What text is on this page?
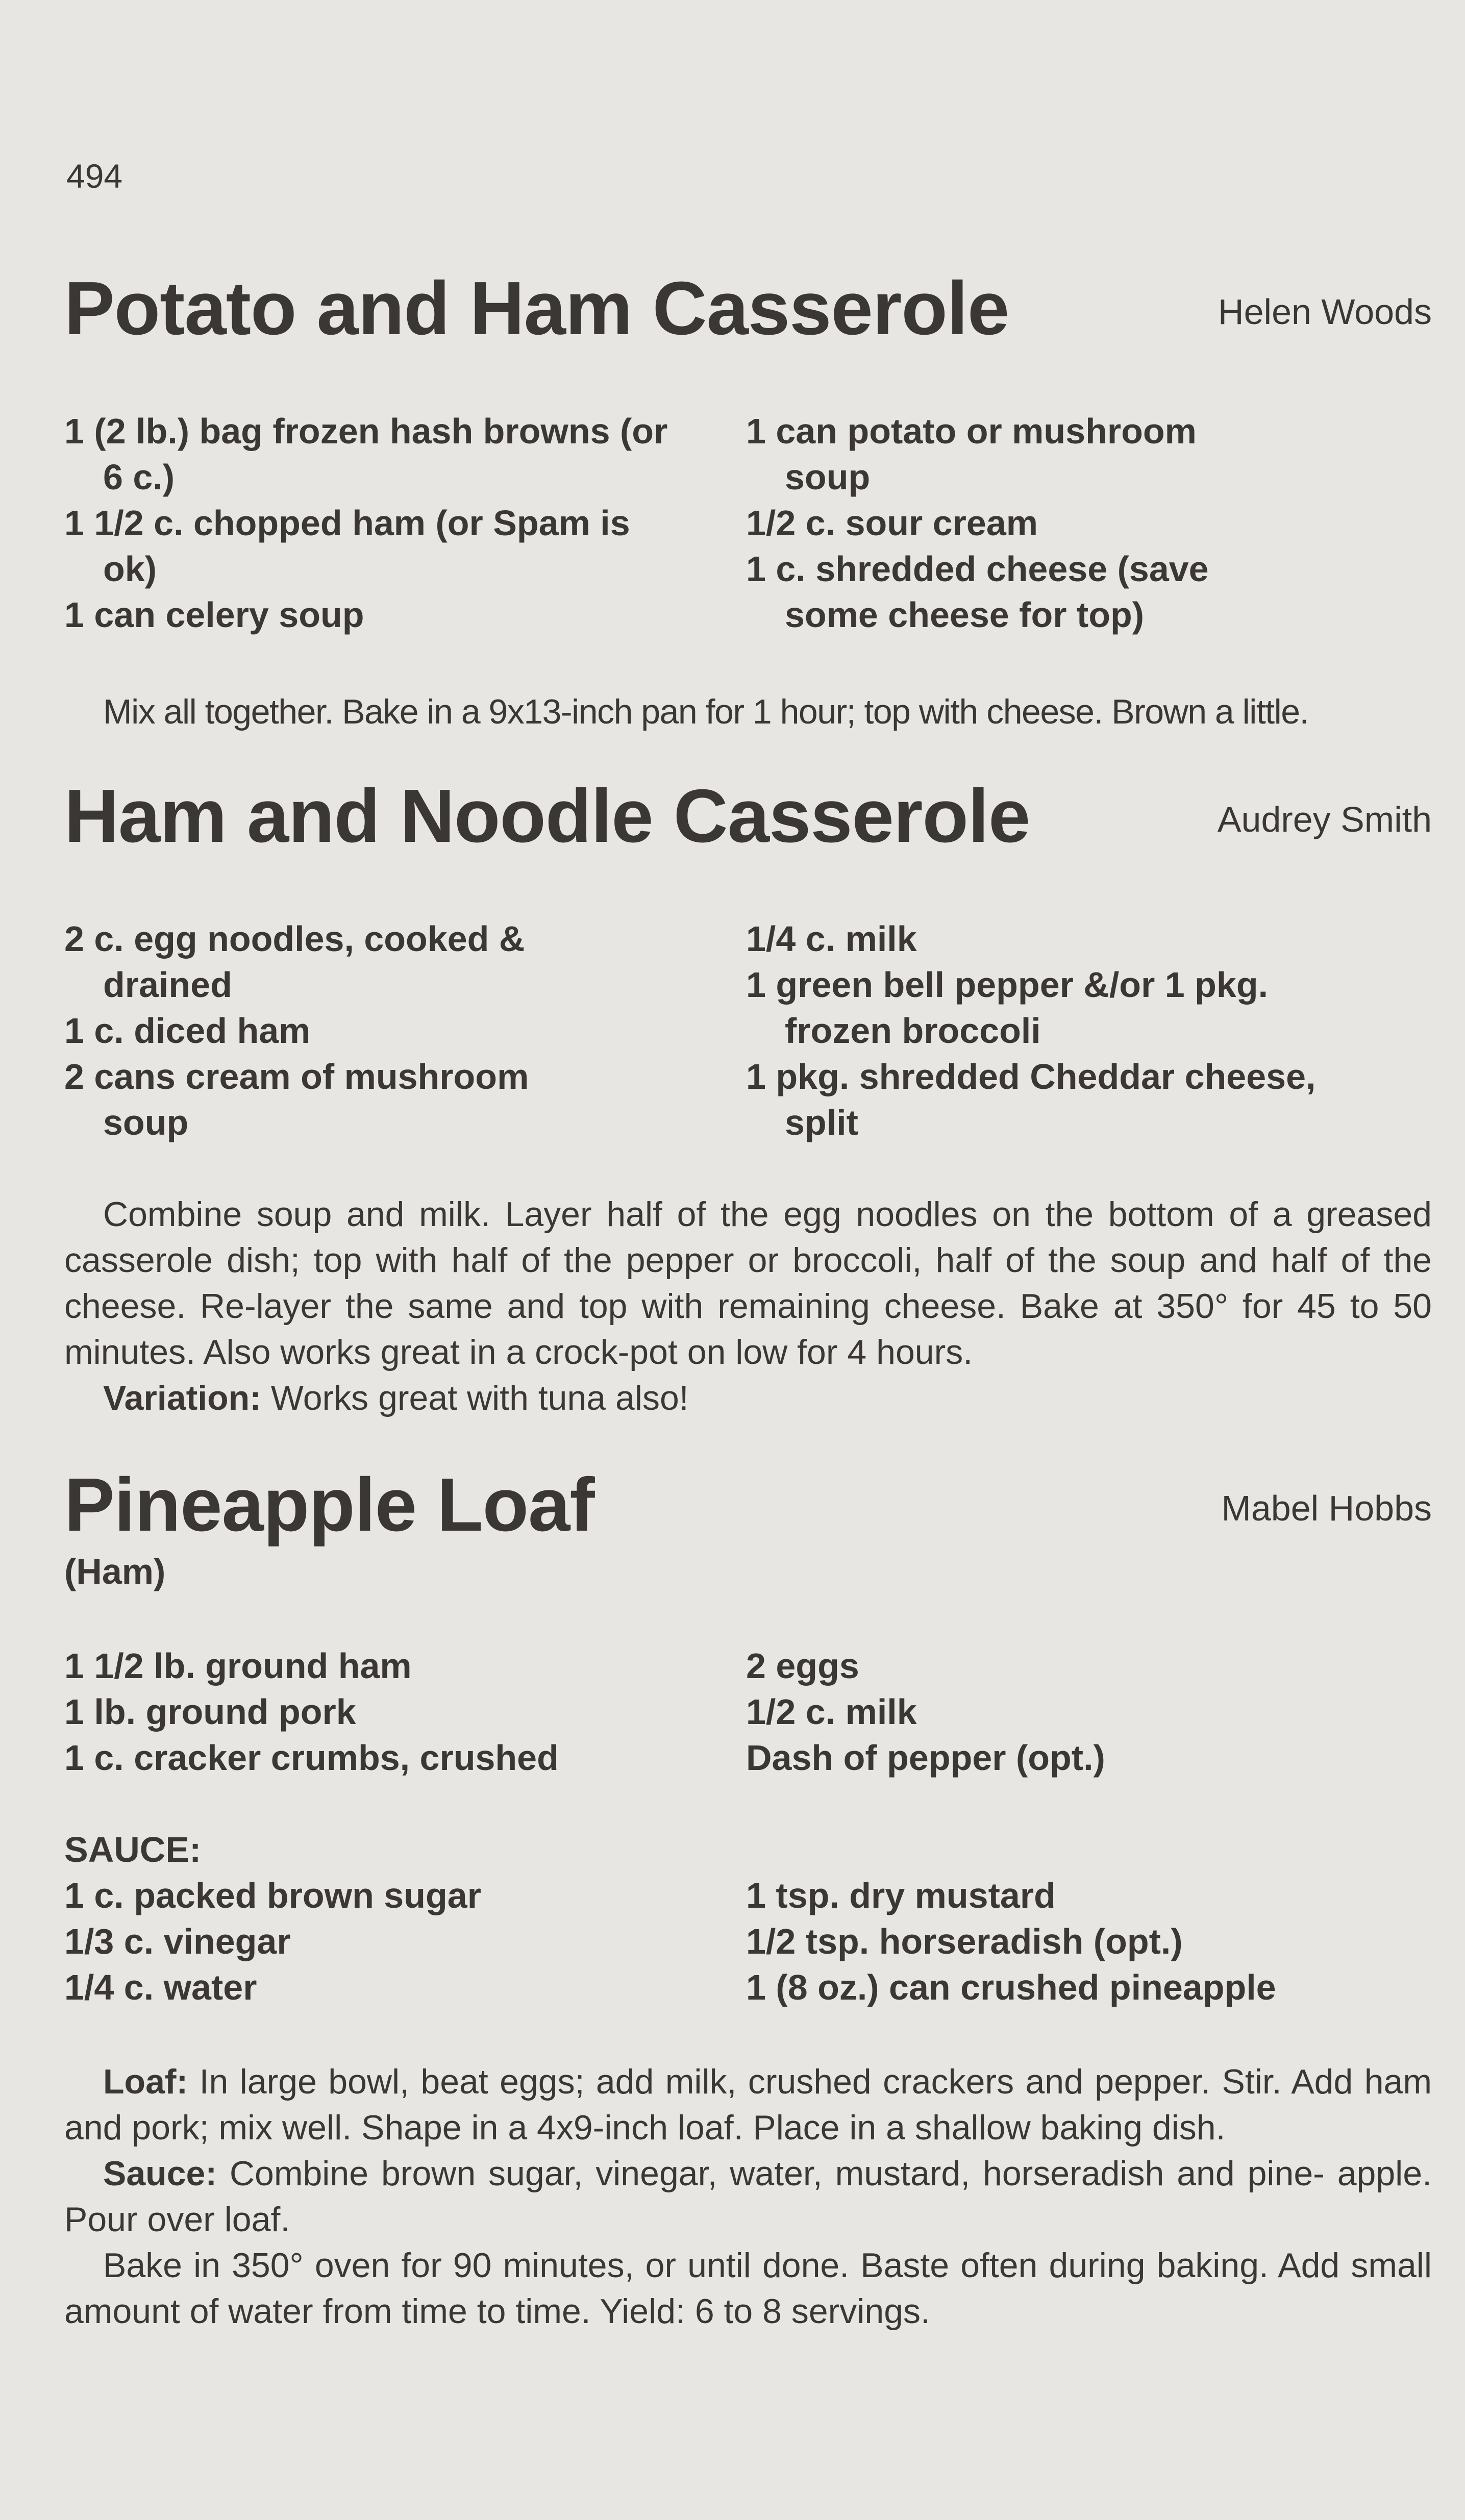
494
Potato and Ham Casserole	Helen Woods
1 (2 lb.) bag frozen hash browns (or 6 c.)
1 1/2 c. chopped ham (or Spam is ok)
1 can celery soup
1 can potato or mushroom soup
1/2 c. sour cream
1 c. shredded cheese (save some cheese for top)

Mix all together. Bake in a 9x13-inch pan for 1 hour; top with cheese. Brown a little.

Ham and Noodle Casserole	Audrey Smith
2 c. egg noodles, cooked & drained
1 c. diced ham
2 cans cream of mushroom soup
1/4 c. milk
1 green bell pepper &/or 1 pkg. frozen broccoli
1 pkg. shredded Cheddar cheese, split

Combine soup and milk. Layer half of the egg noodles on the bottom of a greased casserole dish; top with half of the pepper or broccoli, half of the soup and half of the cheese. Re-layer the same and top with remaining cheese. Bake at 350° for 45 to 50 minutes. Also works great in a crock-pot on low for 4 hours.

Variation: Works great with tuna also!

Pineapple Loaf	Mabel Hobbs
(Ham)
1 1/2 lb. ground ham
1 lb. ground pork
1 c. cracker crumbs, crushed
2 eggs
1/2 c. milk
Dash of pepper (opt.)
SAUCE:
1 c. packed brown sugar
1/3 c. vinegar
1/4 c. water
1 tsp. dry mustard
1/2 tsp. horseradish (opt.)
1 (8 oz.) can crushed pineapple

Loaf: In large bowl, beat eggs; add milk, crushed crackers and pepper. Stir. Add ham and pork; mix well. Shape in a 4x9-inch loaf. Place in a shallow baking dish.

Sauce: Combine brown sugar, vinegar, water, mustard, horseradish and pine- apple. Pour over loaf.

Bake in 350° oven for 90 minutes, or until done. Baste often during baking. Add small amount of water from time to time. Yield: 6 to 8 servings.
